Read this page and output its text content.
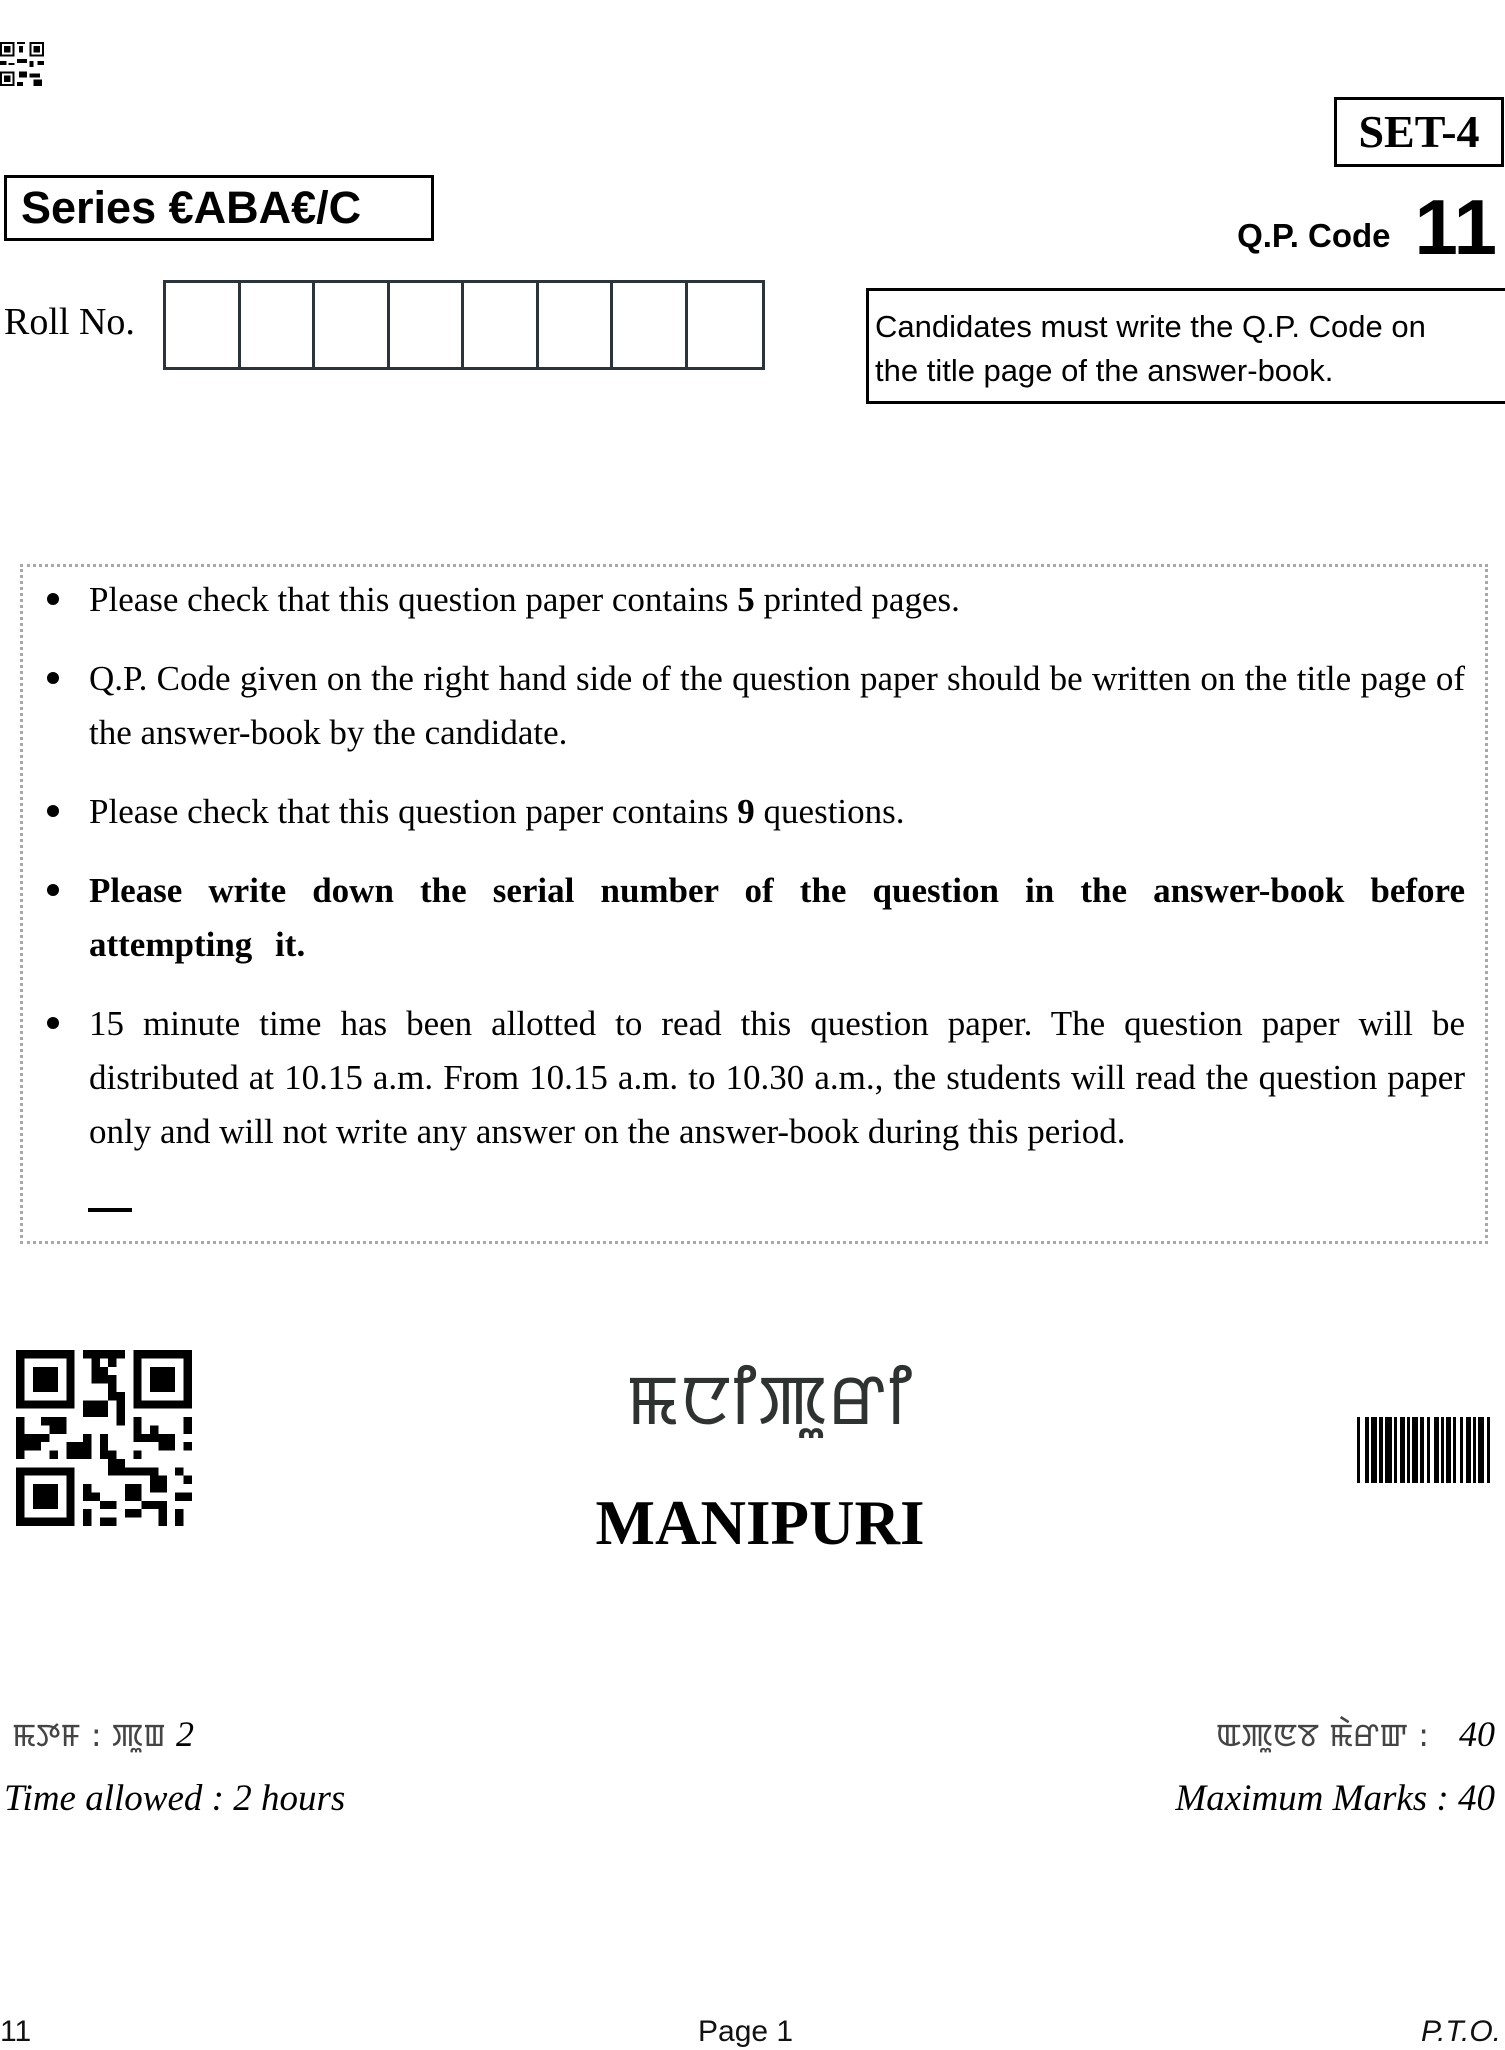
Series €ABA€/C
SET-4
Q.P. Code 11
Roll No.	Candidates must write the Q.P. Code on
the title page of the answer-book.
Please check that this question paper contains 5 printed pages.
Q.P. Code given on the right hand side of the question paper should be written on the title page of the answer-book by the candidate.
Please check that this question paper contains 9 questions.
Please write down the serial number of the question in the answer-book before attempting it.
15 minute time has been allotted to read this question paper. The question paper will be distributed at 10.15 a.m. From 10.15 a.m. to 10.30 a.m., the students will read the question paper only and will not write any answer on the answer-book during this period.
ꯃꯅꯤꯄꯨꯔꯤ
MANIPURI
ꯃꯇꯝ : ꯄꯨꯡ 2	ꯑꯄꯨꯟꯕ ꯃꯥꯔꯛ : 40
Time allowed : 2 hours	Maximum Marks : 40
11	Page 1	P.T.O.
